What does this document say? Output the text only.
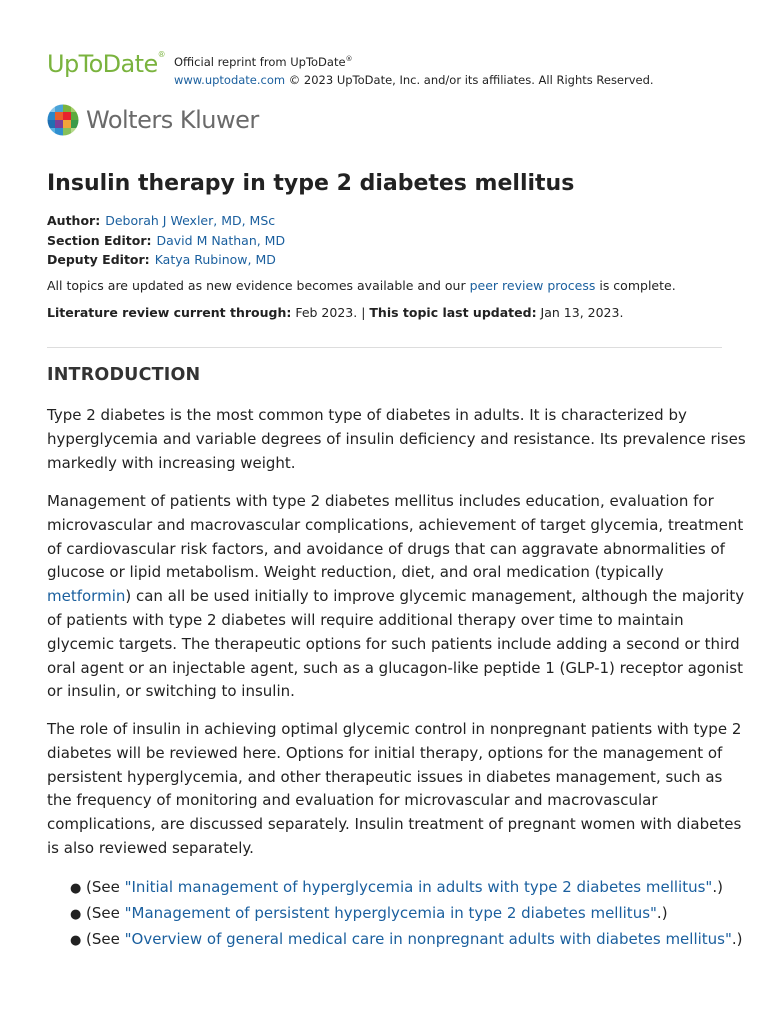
UpToDate®
Official reprint from UpToDate®
www.uptodate.com © 2023 UpToDate, Inc. and/or its affiliates. All Rights Reserved.
Wolters Kluwer
Insulin therapy in type 2 diabetes mellitus
Author: Deborah J Wexler, MD, MSc
Section Editor: David M Nathan, MD
Deputy Editor: Katya Rubinow, MD
All topics are updated as new evidence becomes available and our peer review process is complete.
Literature review current through: Feb 2023. | This topic last updated: Jan 13, 2023.
INTRODUCTION

Type 2 diabetes is the most common type of diabetes in adults. It is characterized by
hyperglycemia and variable degrees of insulin deficiency and resistance. Its prevalence rises
markedly with increasing weight.

Management of patients with type 2 diabetes mellitus includes education, evaluation for
microvascular and macrovascular complications, achievement of target glycemia, treatment
of cardiovascular risk factors, and avoidance of drugs that can aggravate abnormalities of
glucose or lipid metabolism. Weight reduction, diet, and oral medication (typically
metformin) can all be used initially to improve glycemic management, although the majority
of patients with type 2 diabetes will require additional therapy over time to maintain
glycemic targets. The therapeutic options for such patients include adding a second or third
oral agent or an injectable agent, such as a glucagon-like peptide 1 (GLP-1) receptor agonist
or insulin, or switching to insulin.

The role of insulin in achieving optimal glycemic control in nonpregnant patients with type 2
diabetes will be reviewed here. Options for initial therapy, options for the management of
persistent hyperglycemia, and other therapeutic issues in diabetes management, such as
the frequency of monitoring and evaluation for microvascular and macrovascular
complications, are discussed separately. Insulin treatment of pregnant women with diabetes
is also reviewed separately.

● (See "Initial management of hyperglycemia in adults with type 2 diabetes mellitus".)
● (See "Management of persistent hyperglycemia in type 2 diabetes mellitus".)
● (See "Overview of general medical care in nonpregnant adults with diabetes mellitus".)
